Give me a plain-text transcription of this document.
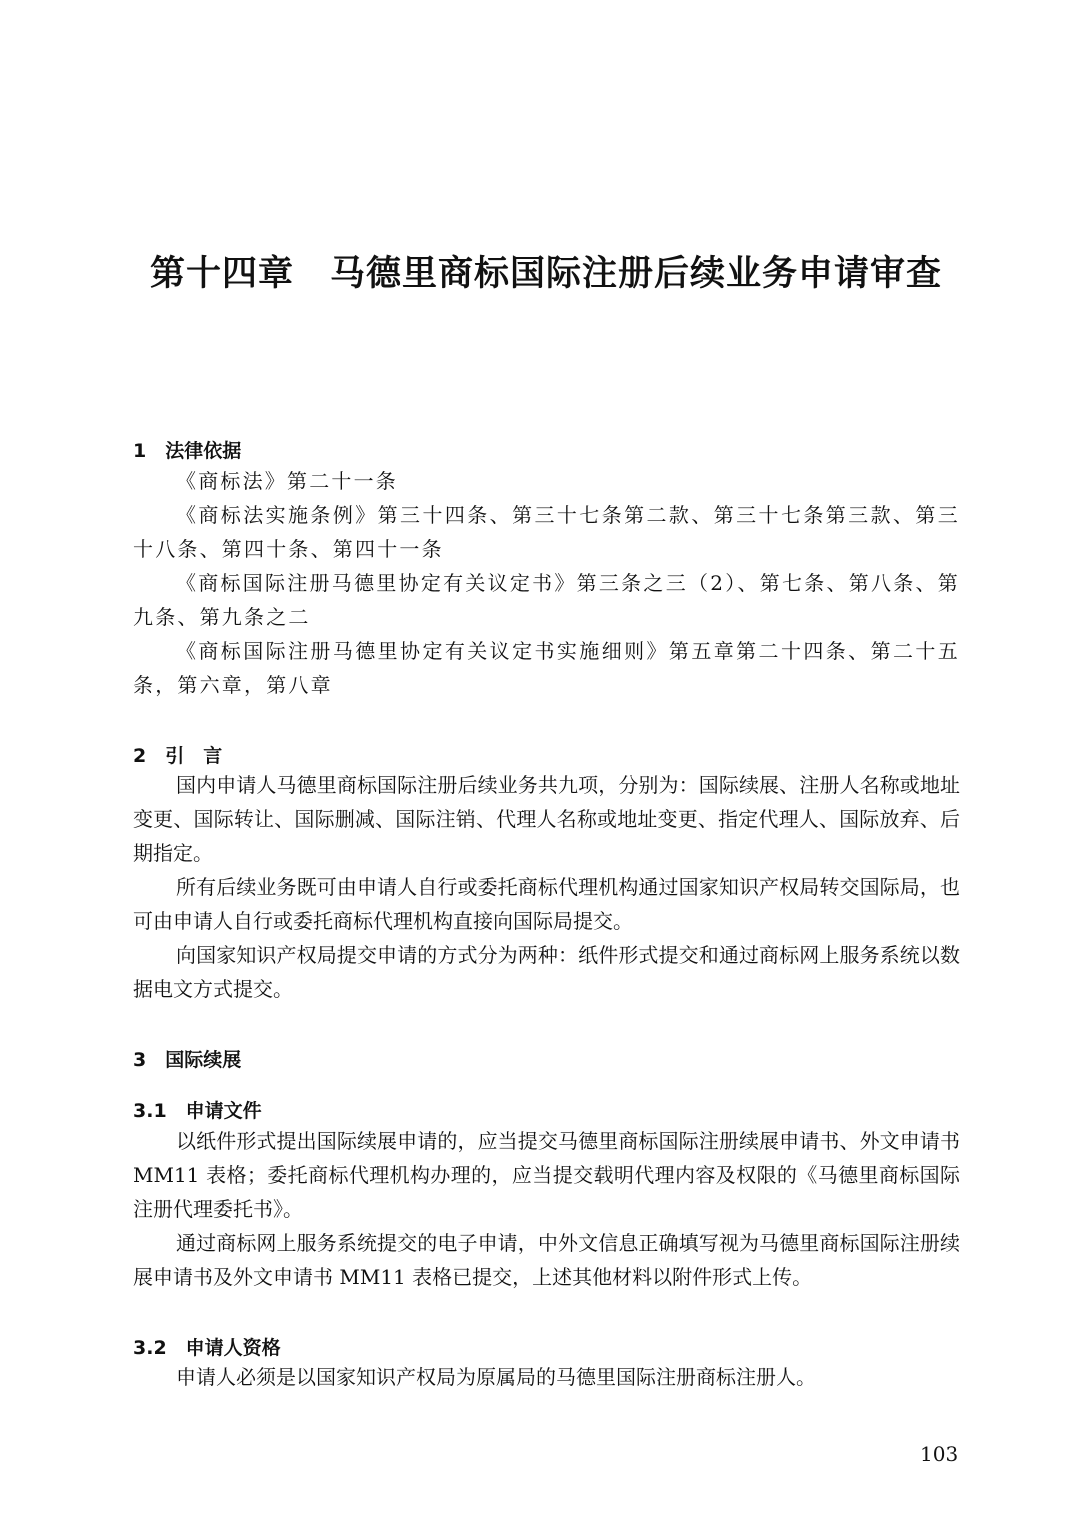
第十四章　马德里商标国际注册后续业务申请审查
1　法律依据
《商标法》第二十一条
《商标法实施条例》第三十四条、第三十七条第二款、第三十七条第三款、第三十八条、第四十条、第四十一条
《商标国际注册马德里协定有关议定书》第三条之三（2）、第七条、第八条、第九条、第九条之二
《商标国际注册马德里协定有关议定书实施细则》第五章第二十四条、第二十五条，第六章，第八章
2　引　言
国内申请人马德里商标国际注册后续业务共九项，分别为：国际续展、注册人名称或地址变更、国际转让、国际删减、国际注销、代理人名称或地址变更、指定代理人、国际放弃、后期指定。
所有后续业务既可由申请人自行或委托商标代理机构通过国家知识产权局转交国际局，也可由申请人自行或委托商标代理机构直接向国际局提交。
向国家知识产权局提交申请的方式分为两种：纸件形式提交和通过商标网上服务系统以数据电文方式提交。
3　国际续展
3.1　申请文件
以纸件形式提出国际续展申请的，应当提交马德里商标国际注册续展申请书、外文申请书 MM11 表格；委托商标代理机构办理的，应当提交载明代理内容及权限的《马德里商标国际注册代理委托书》。
通过商标网上服务系统提交的电子申请，中外文信息正确填写视为马德里商标国际注册续展申请书及外文申请书 MM11 表格已提交，上述其他材料以附件形式上传。
3.2　申请人资格
申请人必须是以国家知识产权局为原属局的马德里国际注册商标注册人。
103
